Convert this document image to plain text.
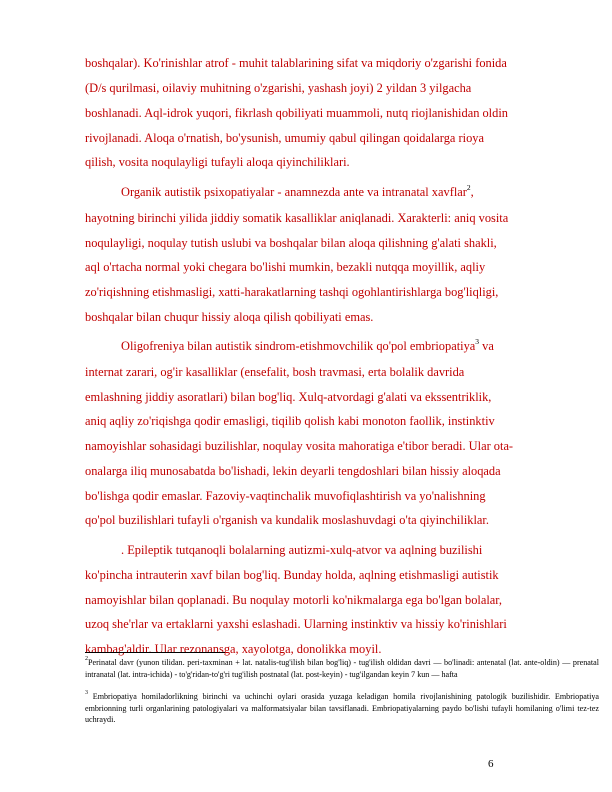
boshqalar). Ko'rinishlar atrof - muhit talablarining sifat va miqdoriy o'zgarishi fonida
(D/s qurilmasi, oilaviy muhitning o'zgarishi, yashash joyi) 2 yildan 3 yilgacha
boshlanadi. Aql-idrok yuqori, fikrlash qobiliyati muammoli, nutq riojlanishidan oldin
rivojlanadi. Aloqa o'rnatish, bo'ysunish, umumiy qabul qilingan qoidalarga rioya
qilish, vosita noqulayligi tufayli aloqa qiyinchiliklari.
Organik autistik psixopatiyalar - anamnezda ante va intranatal xavflar$^2$,
hayotning birinchi yilida jiddiy somatik kasalliklar aniqlanadi. Xarakterli: aniq vosita
noqulayligi, noqulay tutish uslubi va boshqalar bilan aloqa qilishning g'alati shakli,
aql o'rtacha normal yoki chegara bo'lishi mumkin, bezakli nutqqa moyillik, aqliy
zo'riqishning etishmasligi, xatti-harakatlarning tashqi ogohlantirishlarga bog'liqligi,
boshqalar bilan chuqur hissiy aloqa qilish qobiliyati emas.
Oligofreniya bilan autistik sindrom-etishmovchilik qo'pol embriopatiya$^3$ va
internat zarari, og'ir kasalliklar (ensefalit, bosh travmasi, erta bolalik davrida
emlashning jiddiy asoratlari) bilan bog'liq. Xulq-atvordagi g'alati va ekssentriklik,
aniq aqliy zo'riqishga qodir emasligi, tiqilib qolish kabi monoton faollik, instinktiv
namoyishlar sohasidagi buzilishlar, noqulay vosita mahoratiga e'tibor beradi. Ular ota-
onalarga iliq munosabatda bo'lishadi, lekin deyarli tengdoshlari bilan hissiy aloqada
bo'lishga qodir emaslar. Fazoviy-vaqtinchalik muvofiqlashtirish va yo'nalishning
qo'pol buzilishlari tufayli o'rganish va kundalik moslashuvdagi o'ta qiyinchiliklar.
. Epileptik tutqanoqli bolalarning autizmi-xulq-atvor va aqlning buzilishi
ko'pincha intrauterin xavf bilan bog'liq. Bunday holda, aqlning etishmasligi autistik
namoyishlar bilan qoplanadi. Bu noqulay motorli ko'nikmalarga ega bo'lgan bolalar,
uzoq she'rlar va ertaklarni yaxshi eslashadi. Ularning instinktiv va hissiy ko'rinishlari
kambag'aldir. Ular rezonansga, xayolotga, donolikka moyil.
$^2$Perinatal davr (yunon tilidan. peri-taxminan + lat. natalis-tug'ilish bilan bog'liq) - tug'ilish oldidan davri — bo'linadi: antenatal (lat. ante-oldin) — prenatal intranatal (lat. intra-ichida) - to'g'ridan-to'g'ri tug'ilish postnatal (lat. post-keyin) - tug'ilgandan keyin 7 kun — hafta
$^3$ Embriopatiya homiladorlikning birinchi va uchinchi oylari orasida yuzaga keladigan homila rivojlanishining patologik buzilishidir. Embriopatiya embrionning turli organlarining patologiyalari va malformatsiyalar bilan tavsiflanadi. Embriopatiyalarning paydo bo'lishi tufayli homilaning o'limi tez-tez uchraydi.
6
